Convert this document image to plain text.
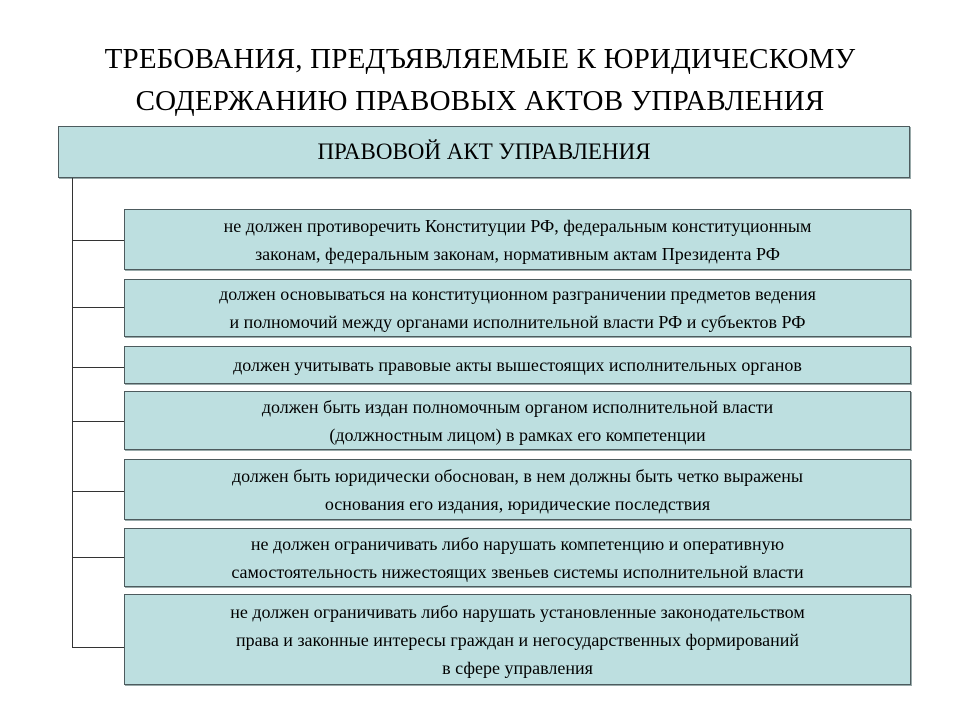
ТРЕБОВАНИЯ, ПРЕДЪЯВЛЯЕМЫЕ К ЮРИДИЧЕСКОМУ
СОДЕРЖАНИЮ ПРАВОВЫХ АКТОВ УПРАВЛЕНИЯ
ПРАВОВОЙ АКТ УПРАВЛЕНИЯ
не должен противоречить Конституции РФ, федеральным конституционным
законам, федеральным законам, нормативным актам Президента РФ
должен основываться на конституционном разграничении предметов ведения
и полномочий между органами исполнительной власти РФ и субъектов РФ
должен учитывать правовые акты вышестоящих исполнительных органов
должен быть издан полномочным органом исполнительной власти
(должностным лицом) в рамках его компетенции
должен быть юридически обоснован, в нем должны быть четко выражены
основания его издания, юридические последствия
не должен ограничивать либо нарушать компетенцию и оперативную
самостоятельность нижестоящих звеньев системы исполнительной власти
не должен ограничивать либо нарушать установленные законодательством
права и законные интересы граждан и негосударственных формирований
в сфере управления
